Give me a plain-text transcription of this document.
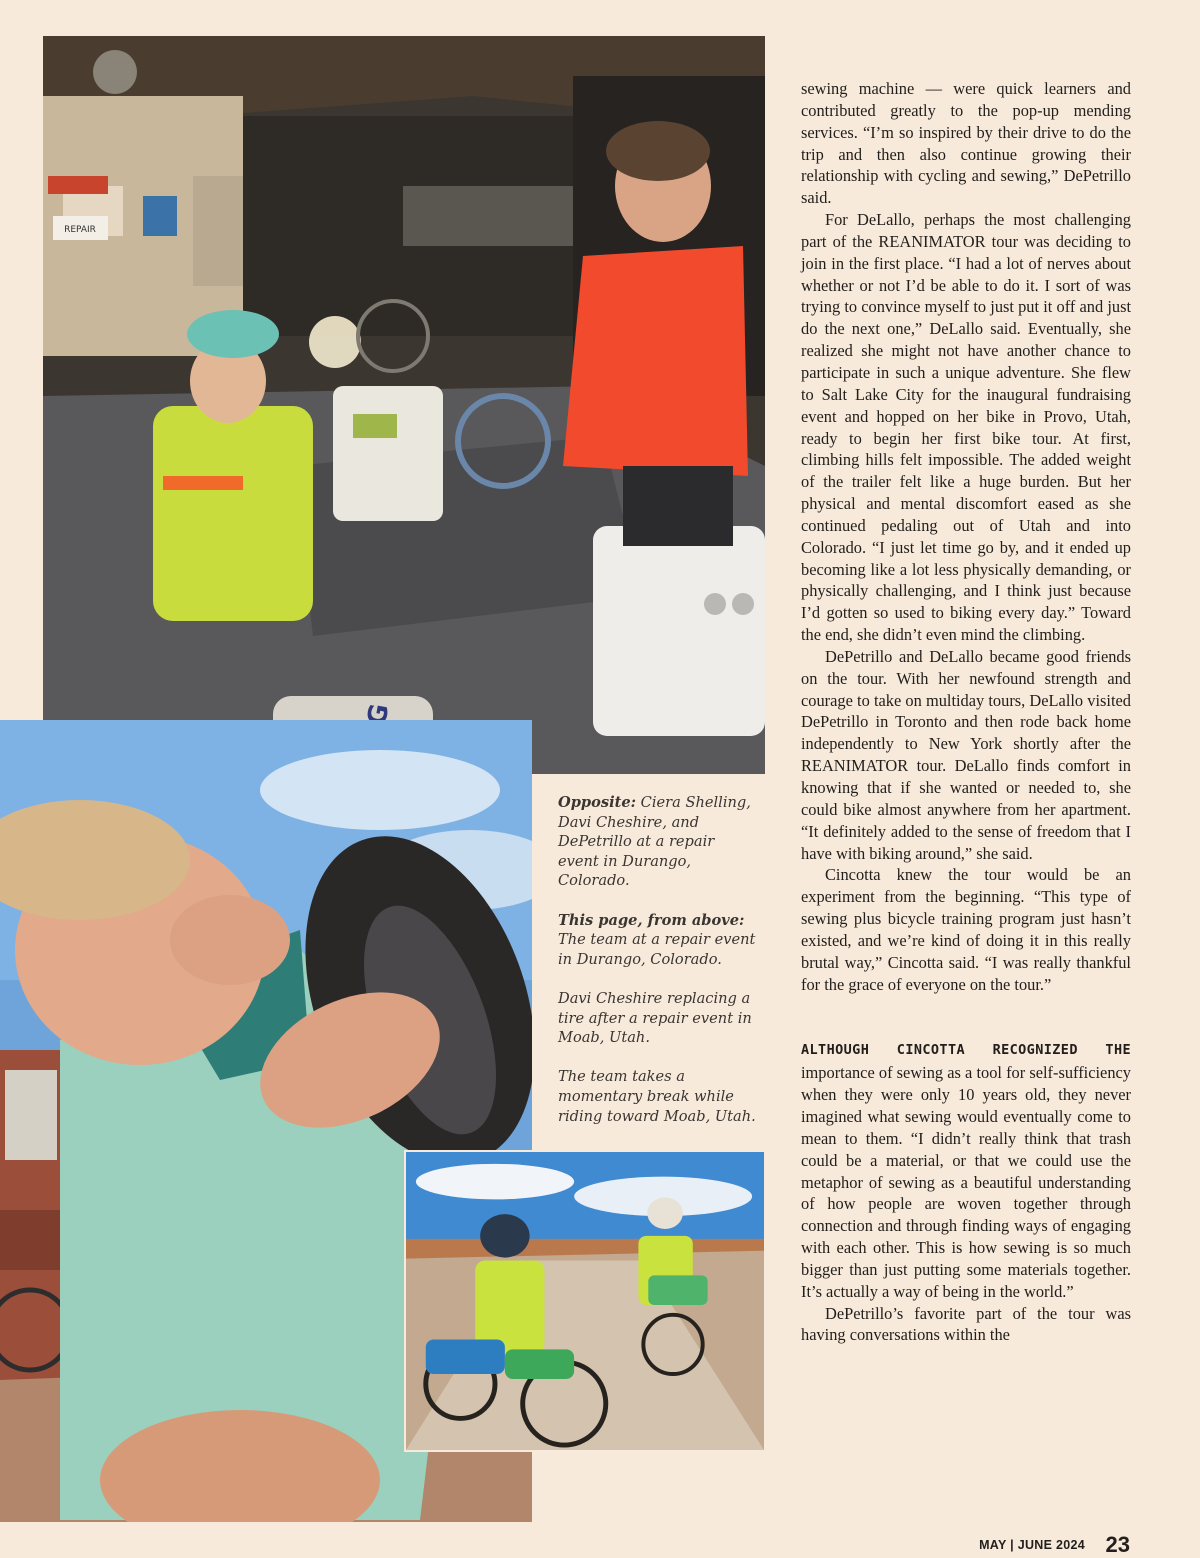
REPAIR

Opposite: Ciera Shelling, Davi Cheshire, and DePetrillo at a repair event in Durango, Colorado.

This page, from above: The team at a repair event in Durango, Colorado.

Davi Cheshire replacing a tire after a repair event in Moab, Utah.

The team takes a momentary break while riding toward Moab, Utah.

sewing machine — were quick learners and contributed greatly to the pop-up mending services. “I’m so inspired by their drive to do the trip and then also continue growing their relationship with cycling and sewing,” DePetrillo said.

For DeLallo, perhaps the most challenging part of the REANIMATOR tour was deciding to join in the first place. “I had a lot of nerves about whether or not I’d be able to do it. I sort of was trying to convince myself to just put it off and just do the next one,” DeLallo said. Eventually, she realized she might not have another chance to participate in such a unique adventure. She flew to Salt Lake City for the inaugural fundraising event and hopped on her bike in Provo, Utah, ready to begin her first bike tour. At first, climbing hills felt impossible. The added weight of the trailer felt like a huge burden. But her physical and mental discomfort eased as she continued pedaling out of Utah and into Colorado. “I just let time go by, and it ended up becoming like a lot less physically demanding, or physically challenging, and I think just because I’d gotten so used to biking every day.” Toward the end, she didn’t even mind the climbing.

DePetrillo and DeLallo became good friends on the tour. With her newfound strength and courage to take on multiday tours, DeLallo visited DePetrillo in Toronto and then rode back home independently to New York shortly after the REANIMATOR tour. DeLallo finds comfort in knowing that if she wanted or needed to, she could bike almost anywhere from her apartment. “It definitely added to the sense of freedom that I have with biking around,” she said.

Cincotta knew the tour would be an experiment from the beginning. “This type of sewing plus bicycle training program just hasn’t existed, and we’re kind of doing it in this really brutal way,” Cincotta said. “I was really thankful for the grace of everyone on the tour.”

ALTHOUGH CINCOTTA RECOGNIZED THE importance of sewing as a tool for self-sufficiency when they were only 10 years old, they never imagined what sewing would eventually come to mean to them. “I didn’t really think that trash could be a material, or that we could use the metaphor of sewing as a beautiful understanding of how people are woven together through connection and through finding ways of engaging with each other. This is how sewing is so much bigger than just putting some materials together. It’s actually a way of being in the world.”

DePetrillo’s favorite part of the tour was having conversations within the

MAY | JUNE 2024 23
